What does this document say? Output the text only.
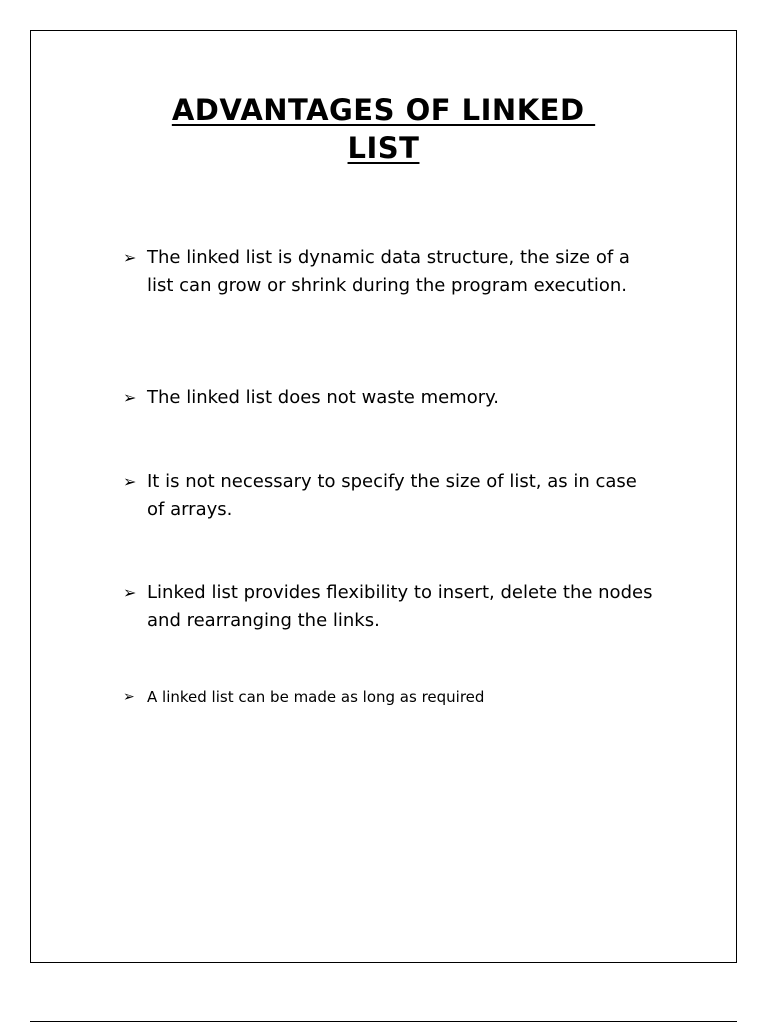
ADVANTAGES OF LINKED
LIST
➢ The linked list is dynamic data structure, the size of a list can grow or shrink during the program execution.
➢ The linked list does not waste memory.
➢ It is not necessary to specify the size of list, as in case of arrays.
➢ Linked list provides flexibility to insert, delete the nodes and rearranging the links.
➢ A linked list can be made as long as required
